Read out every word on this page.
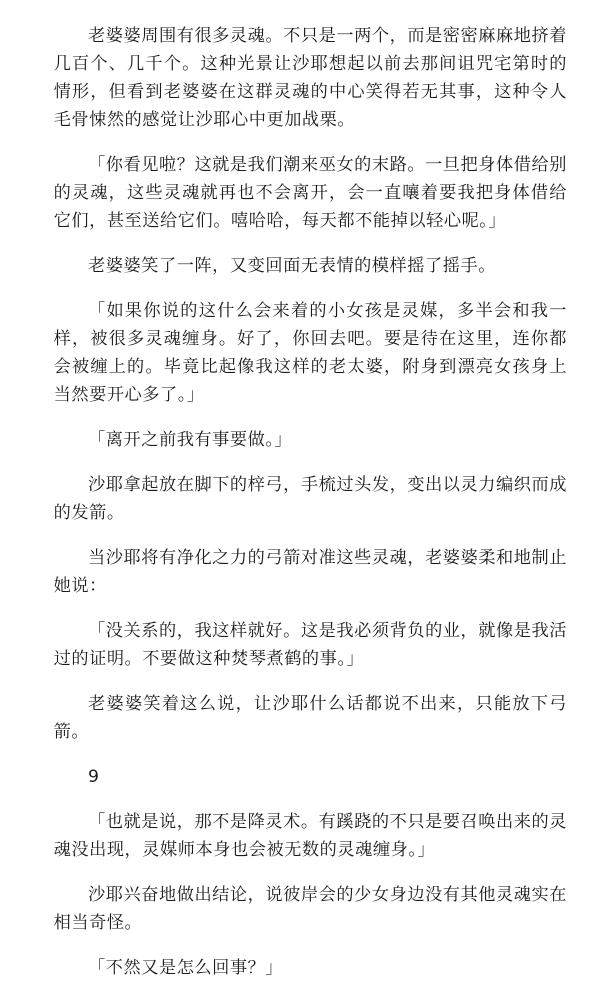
老婆婆周围有很多灵魂。不只是一两个，而是密密麻麻地挤着几百个、几千个。这种光景让沙耶想起以前去那间诅咒宅第时的情形，但看到老婆婆在这群灵魂的中心笑得若无其事，这种令人毛骨悚然的感觉让沙耶心中更加战栗。

「你看见啦？这就是我们潮来巫女的末路。一旦把身体借给别的灵魂，这些灵魂就再也不会离开，会一直嚷着要我把身体借给它们，甚至送给它们。嘻哈哈，每天都不能掉以轻心呢。」

老婆婆笑了一阵，又变回面无表情的模样摇了摇手。

「如果你说的这什么会来着的小女孩是灵媒，多半会和我一样，被很多灵魂缠身。好了，你回去吧。要是待在这里，连你都会被缠上的。毕竟比起像我这样的老太婆，附身到漂亮女孩身上当然要开心多了。」

「离开之前我有事要做。」

沙耶拿起放在脚下的梓弓，手梳过头发，变出以灵力编织而成的发箭。

当沙耶将有净化之力的弓箭对准这些灵魂，老婆婆柔和地制止她说：

「没关系的，我这样就好。这是我必须背负的业，就像是我活过的证明。不要做这种焚琴煮鹤的事。」

老婆婆笑着这么说，让沙耶什么话都说不出来，只能放下弓箭。

9

「也就是说，那不是降灵术。有蹊跷的不只是要召唤出来的灵魂没出现，灵媒师本身也会被无数的灵魂缠身。」

沙耶兴奋地做出结论，说彼岸会的少女身边没有其他灵魂实在相当奇怪。

「不然又是怎么回事？」
